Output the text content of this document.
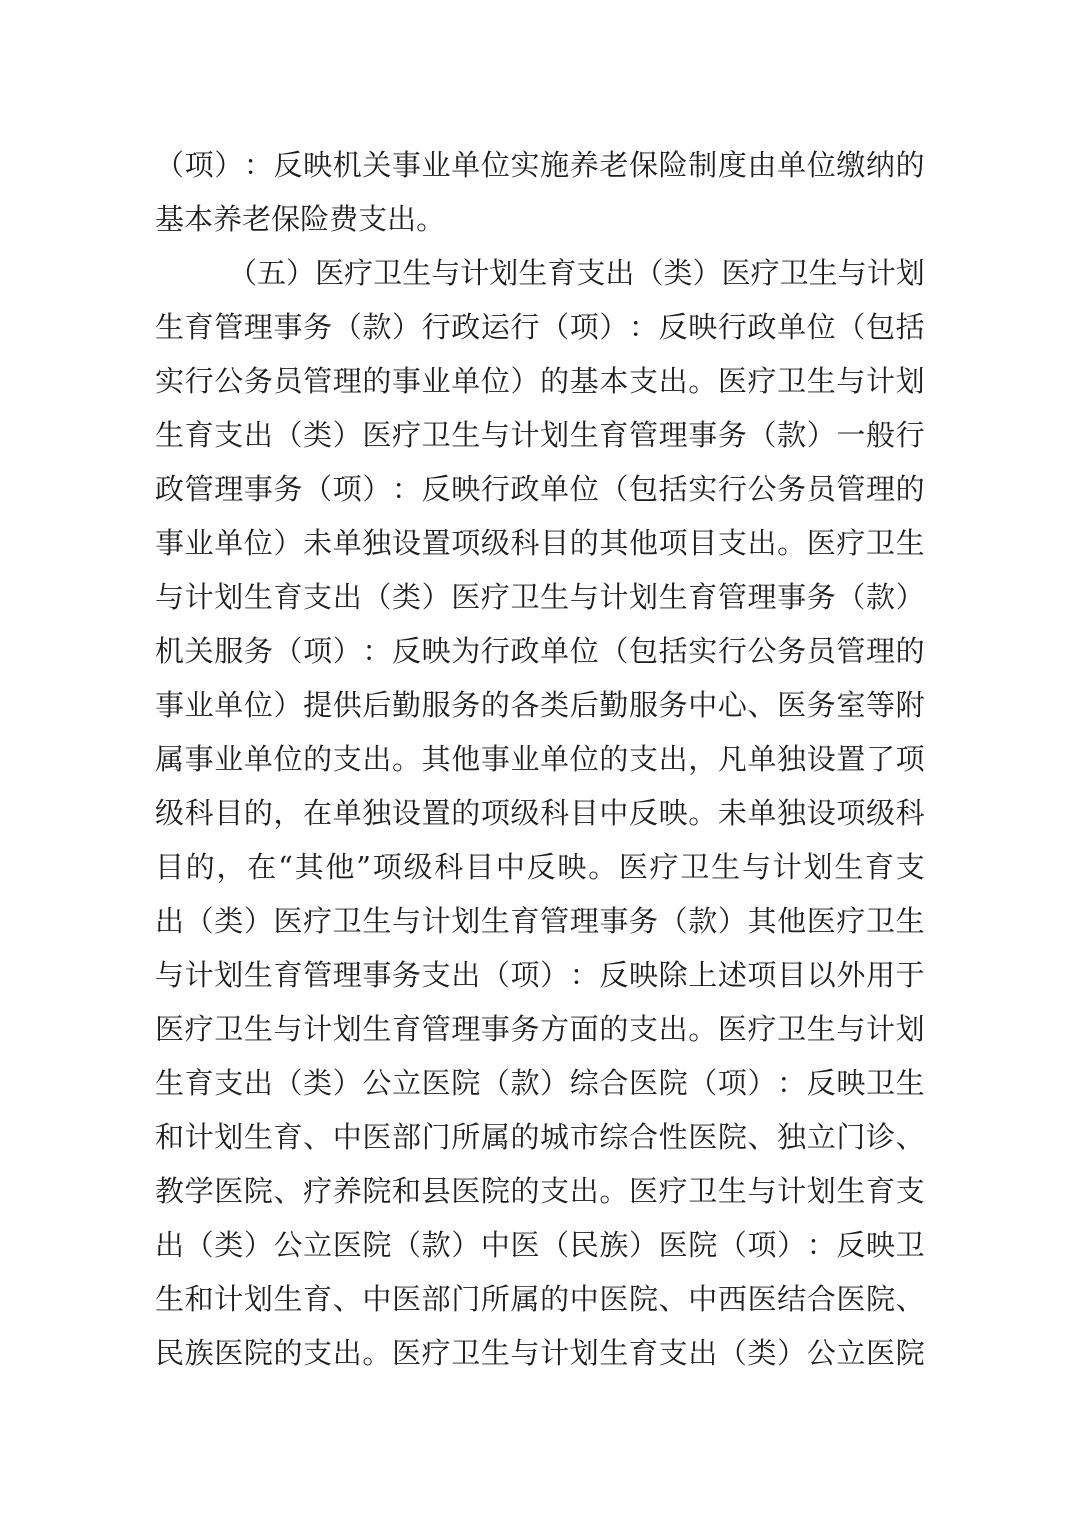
（ 项 ） ： 反 映 机 关 事 业 单 位 实 施 养 老 保 险 制 度 由 单 位 缴 纳 的
基 本 养 老 保 险 费 支 出 。
（ 五 ） 医 疗 卫 生 与 计 划 生 育 支 出 （ 类 ） 医 疗 卫 生 与 计 划
生 育 管 理 事 务 （ 款 ） 行 政 运 行 （ 项 ） ： 反 映 行 政 单 位 （ 包 括
实 行 公 务 员 管 理 的 事 业 单 位 ） 的 基 本 支 出 。 医 疗 卫 生 与 计 划
生 育 支 出 （ 类 ） 医 疗 卫 生 与 计 划 生 育 管 理 事 务 （ 款 ） 一 般 行
政 管 理 事 务 （ 项 ） ： 反 映 行 政 单 位 （ 包 括 实 行 公 务 员 管 理 的
事 业 单 位 ） 未 单 独 设 置 项 级 科 目 的 其 他 项 目 支 出 。 医 疗 卫 生
与 计 划 生 育 支 出 （ 类 ） 医 疗 卫 生 与 计 划 生 育 管 理 事 务 （ 款 ）
机 关 服 务 （ 项 ） ： 反 映 为 行 政 单 位 （ 包 括 实 行 公 务 员 管 理 的
事 业 单 位 ） 提 供 后 勤 服 务 的 各 类 后 勤 服 务 中 心 、 医 务 室 等 附
属 事 业 单 位 的 支 出 。 其 他 事 业 单 位 的 支 出 ， 凡 单 独 设 置 了 项
级 科 目 的 ， 在 单 独 设 置 的 项 级 科 目 中 反 映 。 未 单 独 设 项 级 科
目 的 ， 在 “ 其 他 ” 项 级 科 目 中 反 映 。 医 疗 卫 生 与 计 划 生 育 支
出 （ 类 ） 医 疗 卫 生 与 计 划 生 育 管 理 事 务 （ 款 ） 其 他 医 疗 卫 生
与 计 划 生 育 管 理 事 务 支 出 （ 项 ） ： 反 映 除 上 述 项 目 以 外 用 于
医 疗 卫 生 与 计 划 生 育 管 理 事 务 方 面 的 支 出 。 医 疗 卫 生 与 计 划
生 育 支 出 （ 类 ） 公 立 医 院 （ 款 ） 综 合 医 院 （ 项 ） ： 反 映 卫 生
和 计 划 生 育 、 中 医 部 门 所 属 的 城 市 综 合 性 医 院 、 独 立 门 诊 、
教 学 医 院 、 疗 养 院 和 县 医 院 的 支 出 。 医 疗 卫 生 与 计 划 生 育 支
出 （ 类 ） 公 立 医 院 （ 款 ） 中 医 （ 民 族 ） 医 院 （ 项 ） ： 反 映 卫
生 和 计 划 生 育 、 中 医 部 门 所 属 的 中 医 院 、 中 西 医 结 合 医 院 、
民 族 医 院 的 支 出 。 医 疗 卫 生 与 计 划 生 育 支 出 （ 类 ） 公 立 医 院
